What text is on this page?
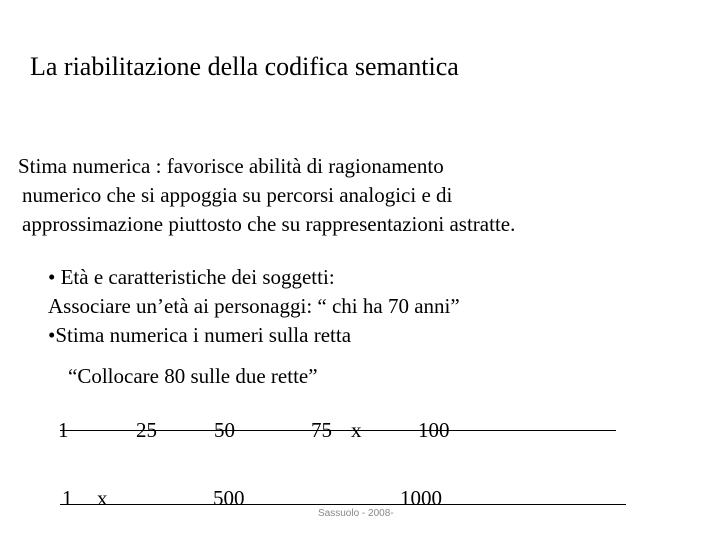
La riabilitazione della codifica semantica
Stima numerica : favorisce abilità di ragionamento
numerico che si appoggia su percorsi analogici e di
approssimazione piuttosto che su rappresentazioni astratte.
• Età e caratteristiche dei soggetti:
Associare un’età ai personaggi: “ chi ha 70 anni”
•Stima numerica i numeri sulla retta
“Collocare 80 sulle due rette”
1	25	50	75 x	100
1 x	500	1000
Sassuolo - 2008-
